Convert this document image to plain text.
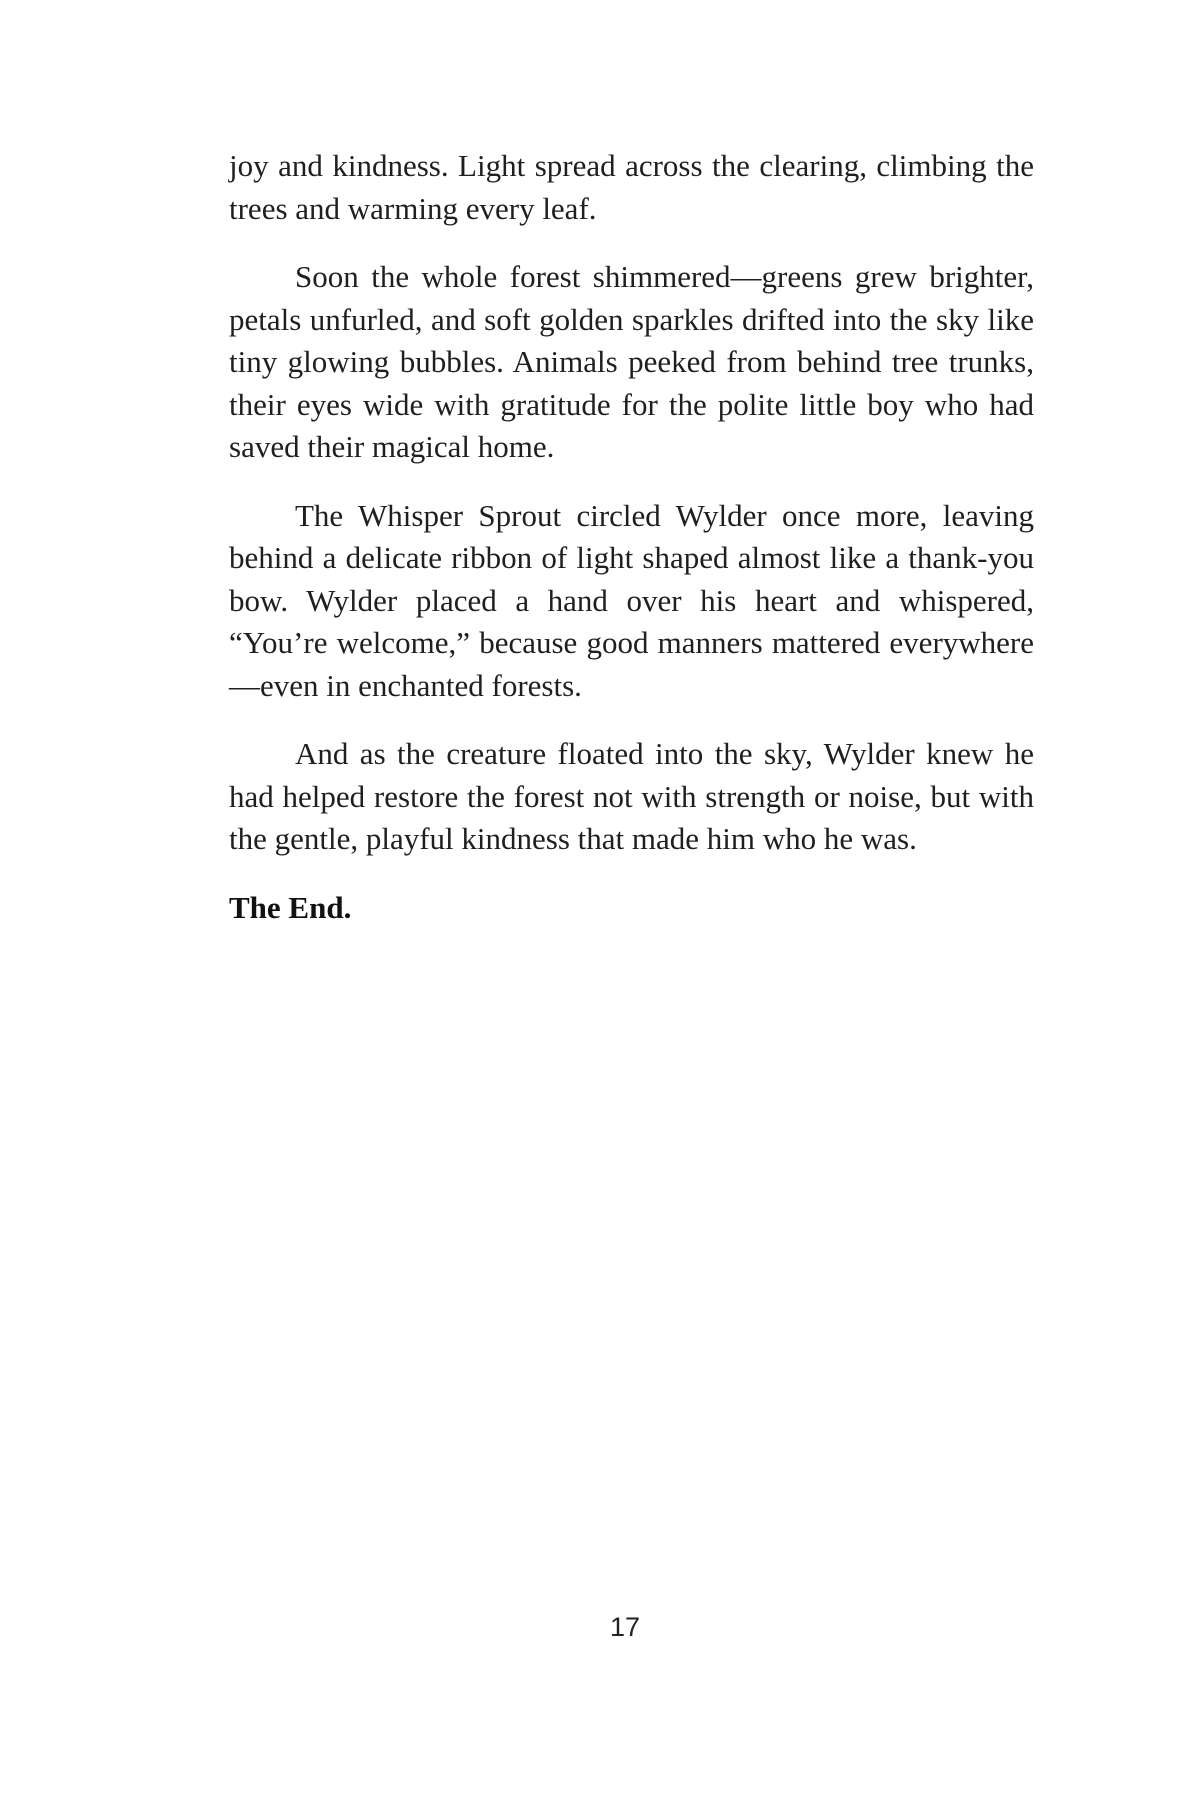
joy and kindness. Light spread across the clearing, climbing the trees and warming every leaf.

Soon the whole forest shimmered—greens grew brighter, petals unfurled, and soft golden sparkles drifted into the sky like tiny glowing bubbles. Animals peeked from behind tree trunks, their eyes wide with gratitude for the polite little boy who had saved their magical home.

The Whisper Sprout circled Wylder once more, leaving behind a delicate ribbon of light shaped almost like a thank-you bow. Wylder placed a hand over his heart and whispered, “You’re welcome,” because good manners mattered everywhere—even in enchanted forests.

And as the creature floated into the sky, Wylder knew he had helped restore the forest not with strength or noise, but with the gentle, playful kindness that made him who he was.

The End.

17
